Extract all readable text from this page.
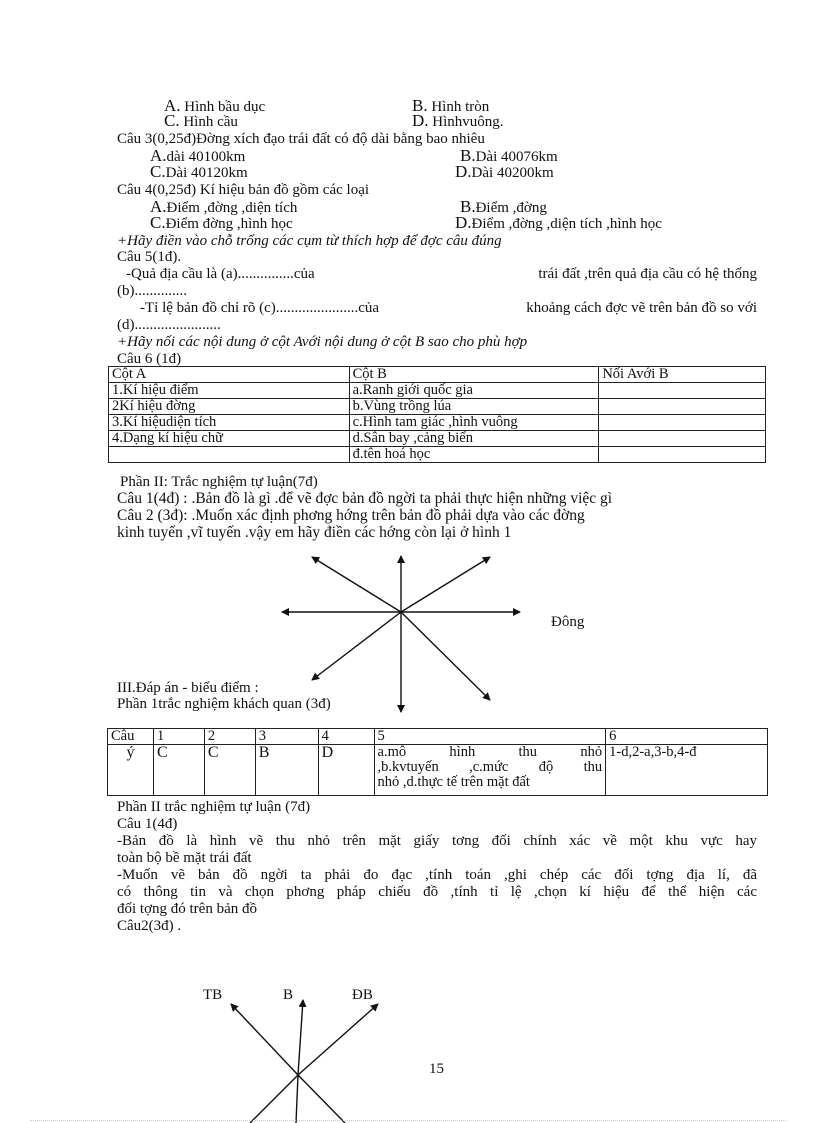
A. Hình bầu dục	B. Hình tròn
C. Hình cầu	D. Hìnhvuông.
Câu 3(0,25đ)Đờng xích đạo trái đất có độ dài bằng bao nhiêu
A.dài 40100km	B.Dài 40076km
C.Dài 40120km	D.Dài 40200km
Câu 4(0,25đ) Kí hiệu bản đồ gồm các loại
A.Điểm ,đờng ,diện tích	B.Điểm ,đờng
C.Điểm đờng ,hình học	D.Điểm ,đờng ,diện tích ,hình học
+Hãy điền vào chỗ trống các cụm từ thích hợp để đợc câu đúng
Câu 5(1đ).
-Quả địa cầu là (a)...............của	trái đất ,trên quả địa cầu có hệ thống
(b)..............
-Tỉ lệ bản đồ chỉ rõ (c)......................của	khoảng cách đợc vẽ trên bản đồ so với
(d).......................
+Hãy nối các nội dung ở cột Avới nội dung ở cột B sao cho phù hợp
Câu 6 (1đ)
Cột A	Cột B	Nối Avới B
1.Kí hiệu điểm	a.Ranh giới quốc gia	
2Kí hiệu đờng	b.Vùng trồng lúa	
3.Kí hiệudiện tích	c.Hình tam giác ,hình vuông	
4.Dạng kí hiệu chữ	d.Sân bay ,cảng biển	
	đ.tên hoá học	
Phần II: Trắc nghiệm tự luận(7đ)
Câu 1(4đ) : .Bản đồ là gì .để vẽ đợc bản đồ ngời ta phải thực hiện những việc gì
Câu 2 (3đ): .Muốn xác định phơng hớng trên bản đồ phải dựa vào các đờng
kinh tuyến ,vĩ tuyến .vậy em hãy điền các hớng còn lại ở hình 1
Đông
III.Đáp án - biểu điểm :
Phần 1trắc nghiệm khách quan (3đ)
Câu	1	2	3	4	5	6
ý	C	C	B	D	a.mô hình thu nhỏ
,b.kvtuyến ,c.mức độ thu
nhỏ ,d.thực tế trên mặt đất	1-d,2-a,3-b,4-đ
Phần II trắc nghiệm tự luận (7đ)
Câu 1(4đ)
-Bản đồ là hình vẽ thu nhỏ trên mặt giấy tơng đối chính xác về một khu vực hay
toàn bộ bề mặt trái đất
-Muốn vẽ bản đồ ngời ta phải đo đạc ,tính toán ,ghi chép các đối tợng địa lí, đã
có thông tin và chọn phơng pháp chiếu đồ ,tính tỉ lệ ,chọn kí hiệu để thể hiện các
đối tợng đó trên bản đồ
Câu2(3đ) .
TB	B	ĐB
15
